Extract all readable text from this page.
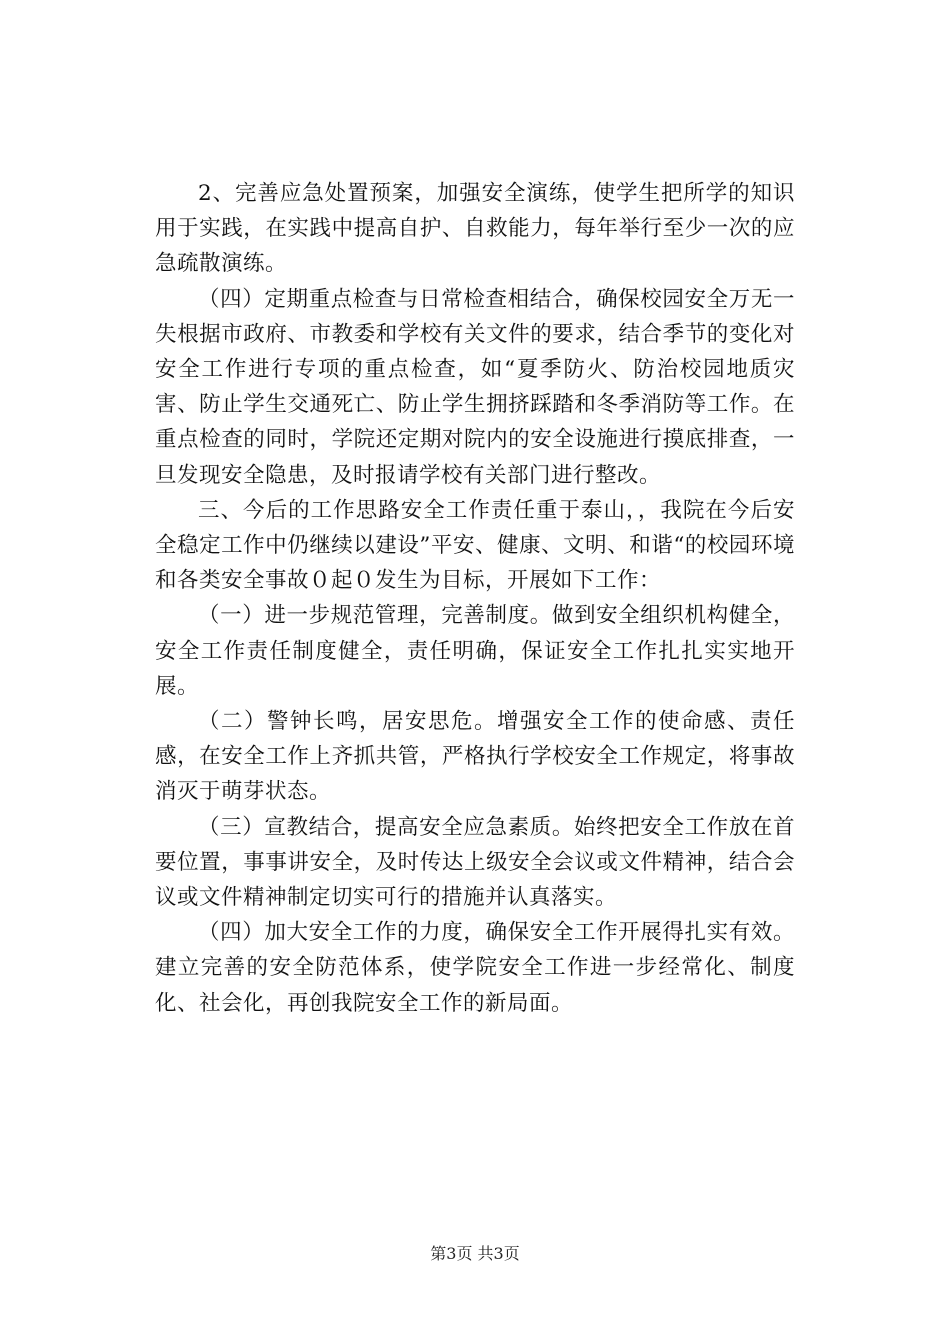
2、完善应急处置预案，加强安全演练，使学生把所学的知识用于实践，在实践中提高自护、自救能力，每年举行至少一次的应急疏散演练。

（四）定期重点检查与日常检查相结合，确保校园安全万无一失根据市政府、市教委和学校有关文件的要求，结合季节的变化对安全工作进行专项的重点检查，如“夏季防火、防治校园地质灾害、防止学生交通死亡、防止学生拥挤踩踏和冬季消防等工作。在重点检查的同时，学院还定期对院内的安全设施进行摸底排查，一旦发现安全隐患，及时报请学校有关部门进行整改。

三、今后的工作思路安全工作责任重于泰山，，我院在今后安全稳定工作中仍继续以建设”平安、健康、文明、和谐“的校园环境和各类安全事故０起０发生为目标，开展如下工作：

（一）进一步规范管理，完善制度。做到安全组织机构健全，安全工作责任制度健全，责任明确，保证安全工作扎扎实实地开展。

（二）警钟长鸣，居安思危。增强安全工作的使命感、责任感，在安全工作上齐抓共管，严格执行学校安全工作规定，将事故消灭于萌芽状态。

（三）宣教结合，提高安全应急素质。始终把安全工作放在首要位置，事事讲安全，及时传达上级安全会议或文件精神，结合会议或文件精神制定切实可行的措施并认真落实。

（四）加大安全工作的力度，确保安全工作开展得扎实有效。建立完善的安全防范体系，使学院安全工作进一步经常化、制度化、社会化，再创我院安全工作的新局面。

第3页 共3页
